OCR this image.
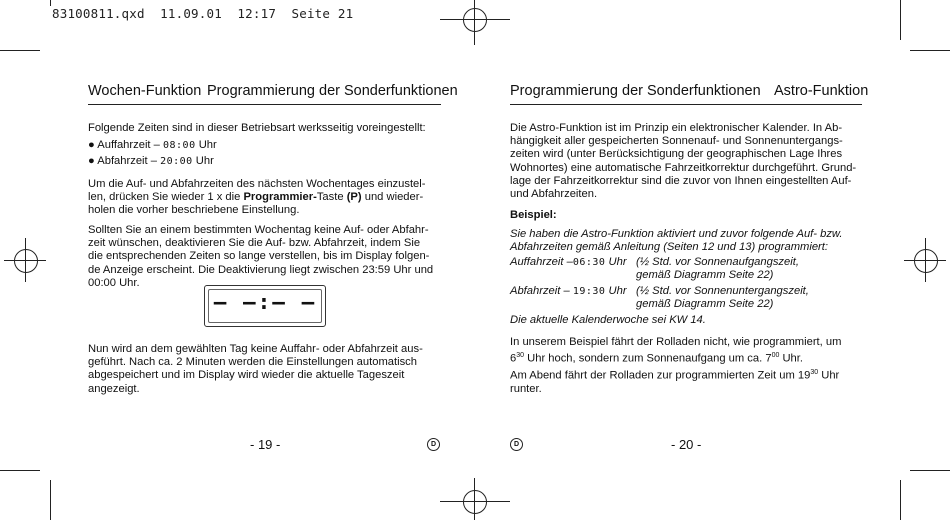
83100811.qxd  11.09.01  12:17  Seite 21
Wochen-Funktion Programmierung der Sonderfunktionen
Folgende Zeiten sind in dieser Betriebsart werksseitig voreingestellt:
● Auffahrzeit – 08:00 Uhr
● Abfahrzeit – 20:00 Uhr
Um die Auf- und Abfahrzeiten des nächsten Wochentages einzustel-
len, drücken Sie wieder 1 x die Programmier-Taste (P) und wieder-
holen die vorher beschriebene Einstellung.
Sollten Sie an einem bestimmten Wochentag keine Auf- oder Abfahr-
zeit wünschen, deaktivieren Sie die Auf- bzw. Abfahrzeit, indem Sie
die entsprechenden Zeiten so lange verstellen, bis im Display folgen-
de Anzeige erscheint. Die Deaktivierung liegt zwischen 23:59 Uhr und
00:00 Uhr.
– –:– –
Nun wird an dem gewählten Tag keine Auffahr- oder Abfahrzeit aus-
geführt. Nach ca. 2 Minuten werden die Einstellungen automatisch
abgespeichert und im Display wird wieder die aktuelle Tageszeit
angezeigt.
- 19 -	D
Programmierung der Sonderfunktionen Astro-Funktion
Die Astro-Funktion ist im Prinzip ein elektronischer Kalender. In Ab-
hängigkeit aller gespeicherten Sonnenauf- und Sonnenuntergangs-
zeiten wird (unter Berücksichtigung der geographischen Lage Ihres
Wohnortes) eine automatische Fahrzeitkorrektur durchgeführt. Grund-
lage der Fahrzeitkorrektur sind die zuvor von Ihnen eingestellten Auf-
und Abfahrzeiten.
Beispiel:
Sie haben die Astro-Funktion aktiviert und zuvor folgende Auf- bzw.
Abfahrzeiten gemäß Anleitung (Seiten 12 und 13) programmiert:
Auffahrzeit –06:30 Uhr (½ Std. vor Sonnenaufgangszeit,
gemäß Diagramm Seite 22)
Abfahrzeit – 19:30 Uhr (½ Std. vor Sonnenuntergangszeit,
gemäß Diagramm Seite 22)
Die aktuelle Kalenderwoche sei KW 14.
In unserem Beispiel fährt der Rolladen nicht, wie programmiert, um
$6^{30}$ Uhr hoch, sondern zum Sonnenaufgang um ca. $7^{00}$ Uhr.
Am Abend fährt der Rolladen zur programmierten Zeit um $19^{30}$ Uhr
runter.
D	- 20 -
